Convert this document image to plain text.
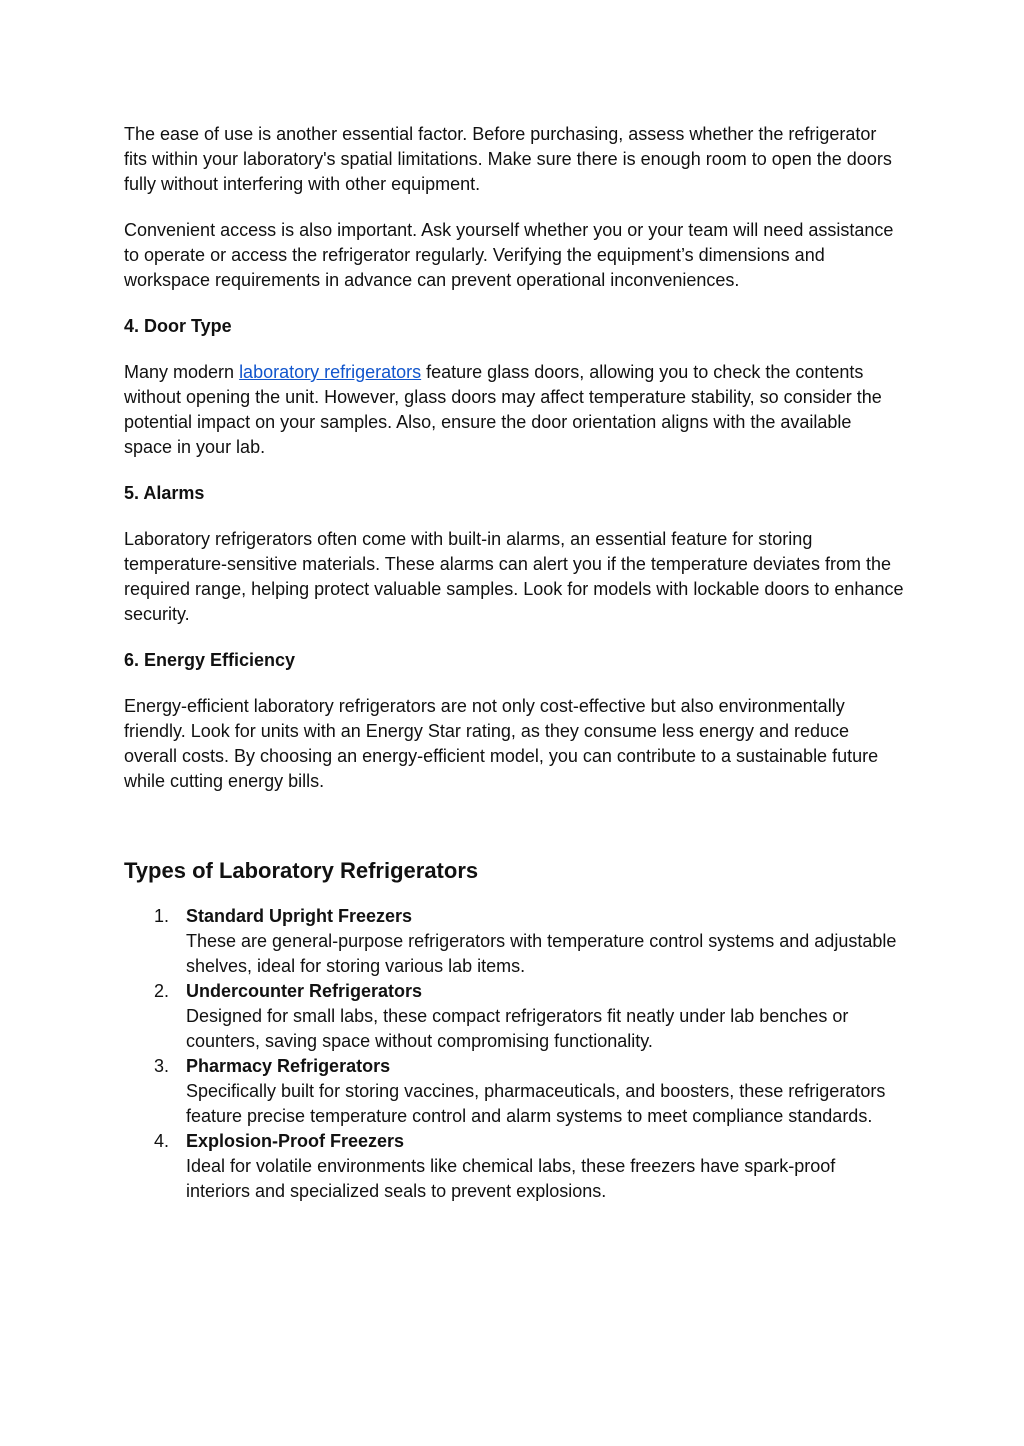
The ease of use is another essential factor. Before purchasing, assess whether the refrigerator fits within your laboratory's spatial limitations. Make sure there is enough room to open the doors fully without interfering with other equipment.

Convenient access is also important. Ask yourself whether you or your team will need assistance to operate or access the refrigerator regularly. Verifying the equipment’s dimensions and workspace requirements in advance can prevent operational inconveniences.

4. Door Type

Many modern laboratory refrigerators feature glass doors, allowing you to check the contents without opening the unit. However, glass doors may affect temperature stability, so consider the potential impact on your samples. Also, ensure the door orientation aligns with the available space in your lab.

5. Alarms

Laboratory refrigerators often come with built-in alarms, an essential feature for storing temperature-sensitive materials. These alarms can alert you if the temperature deviates from the required range, helping protect valuable samples. Look for models with lockable doors to enhance security.

6. Energy Efficiency

Energy-efficient laboratory refrigerators are not only cost-effective but also environmentally friendly. Look for units with an Energy Star rating, as they consume less energy and reduce overall costs. By choosing an energy-efficient model, you can contribute to a sustainable future while cutting energy bills.

Types of Laboratory Refrigerators
1. Standard Upright Freezers
These are general-purpose refrigerators with temperature control systems and adjustable shelves, ideal for storing various lab items.
2. Undercounter Refrigerators
Designed for small labs, these compact refrigerators fit neatly under lab benches or counters, saving space without compromising functionality.
3. Pharmacy Refrigerators
Specifically built for storing vaccines, pharmaceuticals, and boosters, these refrigerators feature precise temperature control and alarm systems to meet compliance standards.
4. Explosion-Proof Freezers
Ideal for volatile environments like chemical labs, these freezers have spark-proof interiors and specialized seals to prevent explosions.
